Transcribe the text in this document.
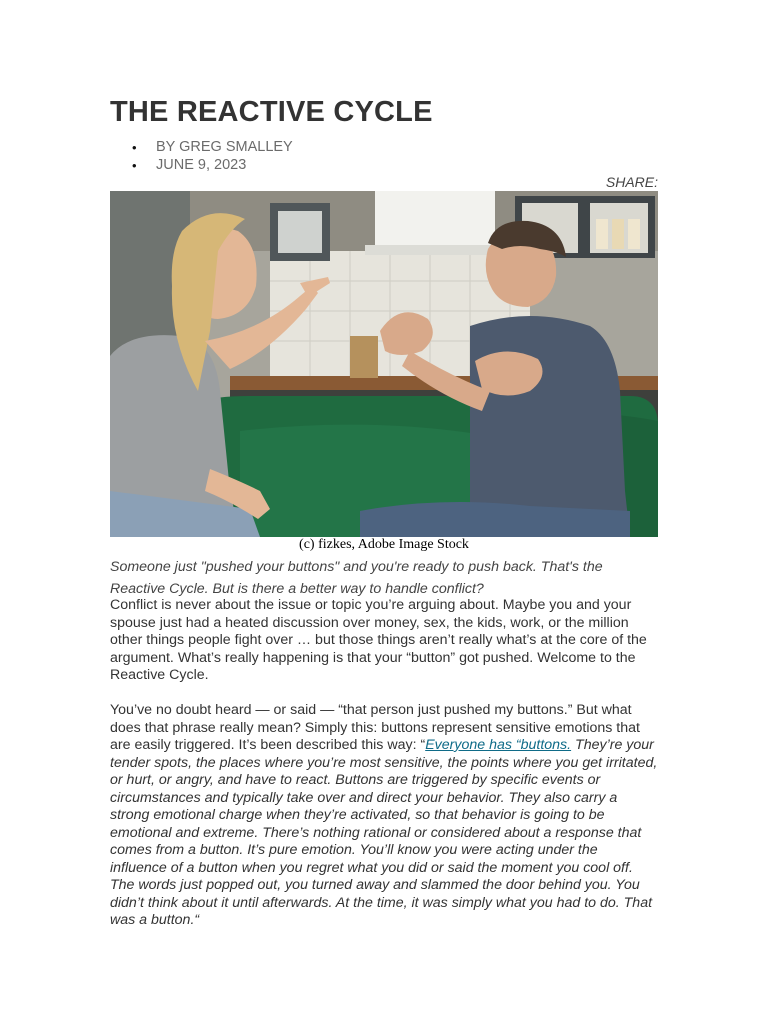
THE REACTIVE CYCLE
• BY GREG SMALLEY
• JUNE 9, 2023
SHARE:
(c) fizkes, Adobe Image Stock

Someone just "pushed your buttons" and you're ready to push back. That's the Reactive Cycle. But is there a better way to handle conflict?

Conflict is never about the issue or topic you’re arguing about. Maybe you and your spouse just had a heated discussion over money, sex, the kids, work, or the million other things people fight over … but those things aren’t really what’s at the core of the argument. What’s really happening is that your “button” got pushed. Welcome to the Reactive Cycle.

You’ve no doubt heard — or said — “that person just pushed my buttons.” But what does that phrase really mean? Simply this: buttons represent sensitive emotions that are easily triggered. It’s been described this way: “Everyone has “buttons. They’re your tender spots, the places where you’re most sensitive, the points where you get irritated, or hurt, or angry, and have to react. Buttons are triggered by specific events or circumstances and typically take over and direct your behavior. They also carry a strong emotional charge when they’re activated, so that behavior is going to be emotional and extreme. There’s nothing rational or considered about a response that comes from a button. It’s pure emotion. You’ll know you were acting under the influence of a button when you regret what you did or said the moment you cool off. The words just popped out, you turned away and slammed the door behind you. You didn’t think about it until afterwards. At the time, it was simply what you had to do. That was a button.“
